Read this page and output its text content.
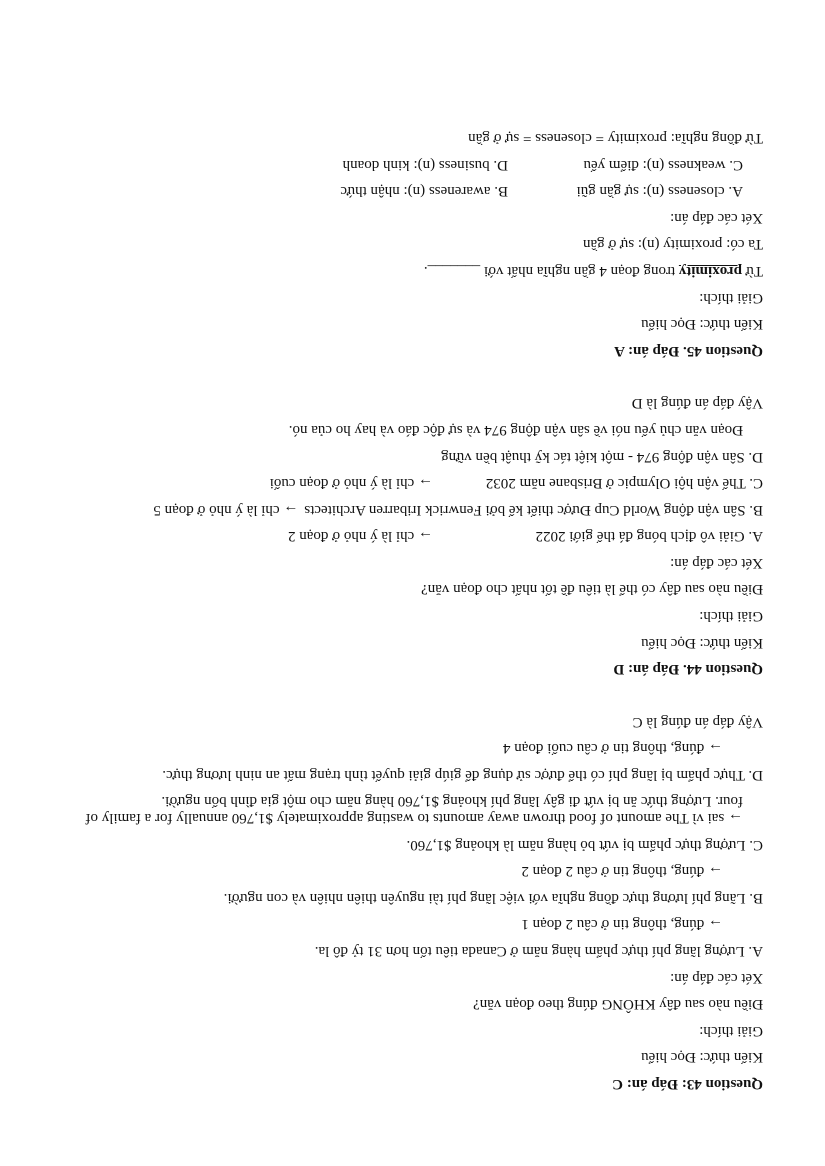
Question 43: Đáp án: C
Kiến thức: Đọc hiểu
Giải thích:
Điều nào sau đây KHÔNG đúng theo đoạn văn?
Xét các đáp án:
A. Lượng lãng phí thực phẩm hàng năm ở Canada tiêu tốn hơn 31 tỷ đô la.
→ đúng, thông tin ở câu 2 đoạn 1
B. Lãng phí lương thực đồng nghĩa với việc lãng phí tài nguyên thiên nhiên và con người.
→ đúng, thông tin ở câu 2 đoạn 2
C. Lượng thực phẩm bị vứt bỏ hàng năm là khoảng $1,760.
→ sai vì The amount of food thrown away amounts to wasting approximately $1,760 annually for a family of four. Lượng thức ăn bị vứt đi gây lãng phí khoảng $1,760 hàng năm cho một gia đình bốn người.
D. Thực phẩm bị lãng phí có thể được sử dụng để giúp giải quyết tình trạng mất an ninh lương thực.
→ đúng, thông tin ở câu cuối đoạn 4
Vậy đáp án đúng là C
Question 44. Đáp án: D
Kiến thức: Đọc hiểu
Giải thích:
Điều nào sau đây có thể là tiêu đề tốt nhất cho đoạn văn?
Xét các đáp án:
A. Giải vô địch bóng đá thế giới 2022
→ chỉ là ý nhỏ ở đoạn 2
B. Sân vận động World Cup Được thiết kế bởi Fenwrick Iribarren Architects
→ chỉ là ý nhỏ ở đoạn 5
C. Thế vận hội Olympic ở Brisbane năm 2032
→ chỉ là ý nhỏ ở đoạn cuối
D. Sân vận động 974 - một kiệt tác kỹ thuật bền vững
Đoạn văn chủ yếu nói về sân vận động 974 và sự độc đáo và hay ho của nó.
Vậy đáp án đúng là D
Question 45. Đáp án: A
Kiến thức: Đọc hiểu
Giải thích:
Từ proximity trong đoạn 4 gần nghĩa nhất với _______.
Ta có: proximity (n): sự ở gần
Xét các đáp án:
A. closeness (n): sự gần gũi
B. awareness (n): nhận thức
C. weakness (n): điểm yếu
D. business (n): kinh doanh
Từ đồng nghĩa: proximity = closeness = sự ở gần
